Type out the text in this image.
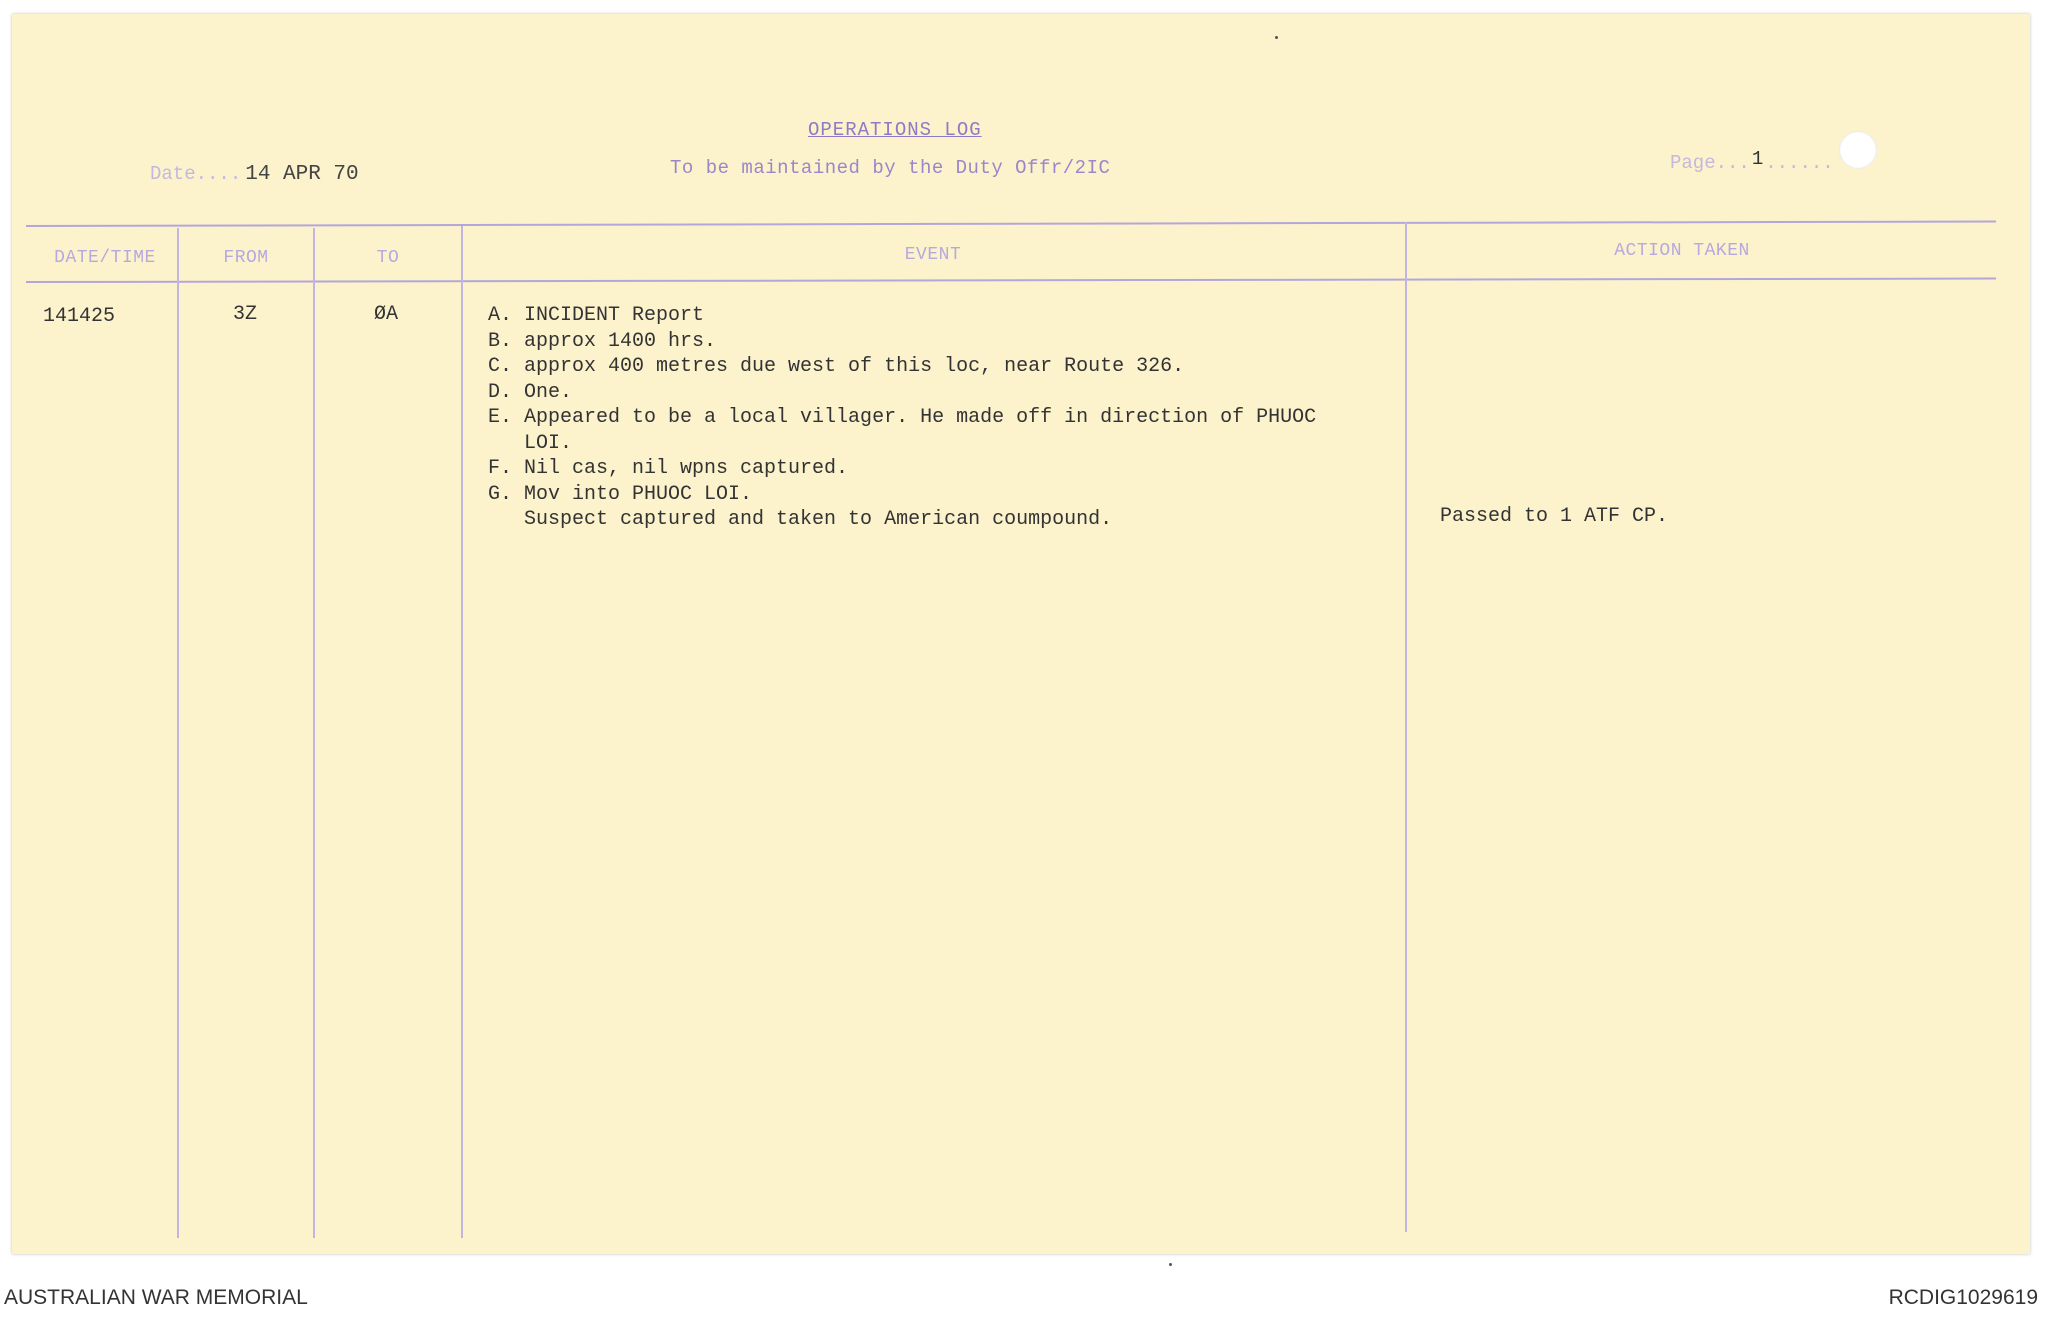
OPERATIONS LOG
To be maintained by the Duty Offr/2IC
Date.... 14 APR 70	Page... 1 ......
DATE/TIME	FROM	TO	EVENT	ACTION TAKEN
141425	3Z	ØA	A. INCIDENT Report
B. approx 1400 hrs.
C. approx 400 metres due west of this loc, near Route 326.
D. One.
E. Appeared to be a local villager. He made off in direction of PHUOC
LOI.
F. Nil cas, nil wpns captured.
G. Mov into PHUOC LOI.
Suspect captured and taken to American coumpound.	Passed to 1 ATF CP.
AUSTRALIAN WAR MEMORIAL	RCDIG1029619
